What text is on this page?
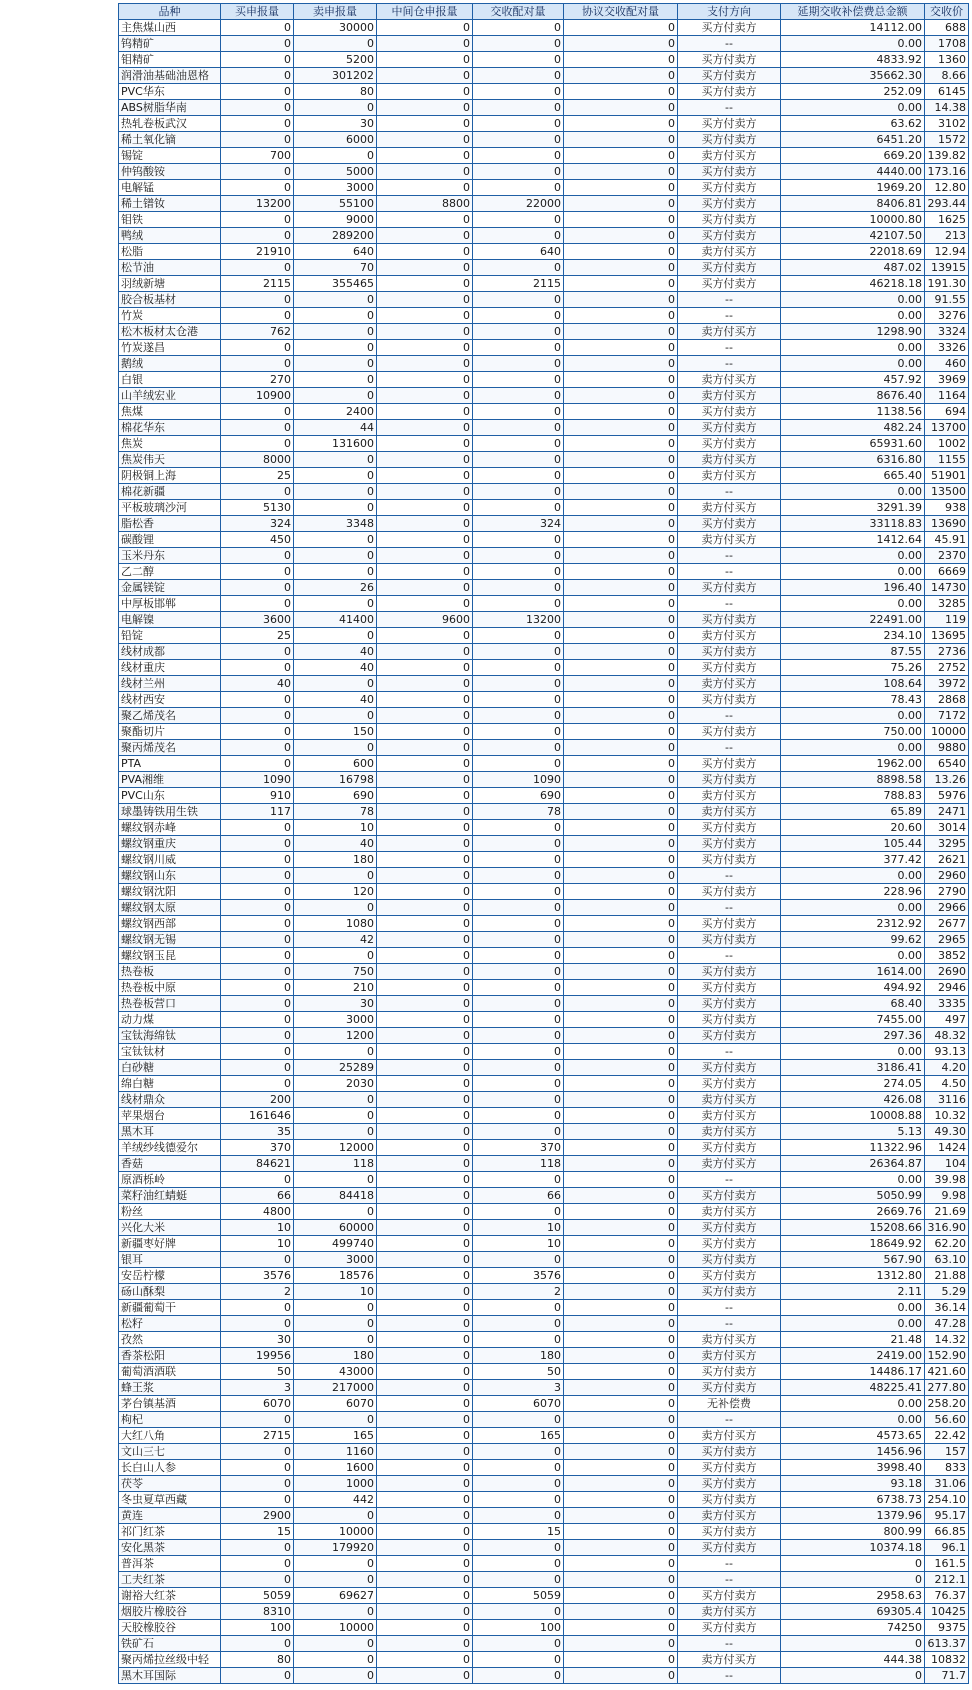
品种	买申报量	卖申报量	中间仓申报量	交收配对量	协议交收配对量	支付方向	延期交收补偿费总金额	交收价
主焦煤山西	0	30000	0	0	0	买方付卖方	14112.00	688
钨精矿	0	0	0	0	0	--	0.00	1708
钼精矿	0	5200	0	0	0	买方付卖方	4833.92	1360
润滑油基础油恩格	0	301202	0	0	0	买方付卖方	35662.30	8.66
PVC华东	0	80	0	0	0	买方付卖方	252.09	6145
ABS树脂华南	0	0	0	0	0	--	0.00	14.38
热轧卷板武汉	0	30	0	0	0	买方付卖方	63.62	3102
稀土氧化镝	0	6000	0	0	0	买方付卖方	6451.20	1572
锡锭	700	0	0	0	0	卖方付买方	669.20	139.82
仲钨酸铵	0	5000	0	0	0	买方付卖方	4440.00	173.16
电解锰	0	3000	0	0	0	买方付卖方	1969.20	12.80
稀土镨钕	13200	55100	8800	22000	0	买方付卖方	8406.81	293.44
钼铁	0	9000	0	0	0	买方付卖方	10000.80	1625
鸭绒	0	289200	0	0	0	买方付卖方	42107.50	213
松脂	21910	640	0	640	0	卖方付买方	22018.69	12.94
松节油	0	70	0	0	0	买方付卖方	487.02	13915
羽绒新塘	2115	355465	0	2115	0	买方付卖方	46218.18	191.30
胶合板基材	0	0	0	0	0	--	0.00	91.55
竹炭	0	0	0	0	0	--	0.00	3276
松木板材太仓港	762	0	0	0	0	卖方付买方	1298.90	3324
竹炭遂昌	0	0	0	0	0	--	0.00	3326
鹅绒	0	0	0	0	0	--	0.00	460
白银	270	0	0	0	0	卖方付买方	457.92	3969
山羊绒宏业	10900	0	0	0	0	卖方付买方	8676.40	1164
焦煤	0	2400	0	0	0	买方付卖方	1138.56	694
棉花华东	0	44	0	0	0	买方付卖方	482.24	13700
焦炭	0	131600	0	0	0	买方付卖方	65931.60	1002
焦炭伟天	8000	0	0	0	0	卖方付买方	6316.80	1155
阴极铜上海	25	0	0	0	0	卖方付买方	665.40	51901
棉花新疆	0	0	0	0	0	--	0.00	13500
平板玻璃沙河	5130	0	0	0	0	卖方付买方	3291.39	938
脂松香	324	3348	0	324	0	买方付卖方	33118.83	13690
碳酸锂	450	0	0	0	0	卖方付买方	1412.64	45.91
玉米丹东	0	0	0	0	0	--	0.00	2370
乙二醇	0	0	0	0	0	--	0.00	6669
金属镁锭	0	26	0	0	0	买方付卖方	196.40	14730
中厚板邯郸	0	0	0	0	0	--	0.00	3285
电解镍	3600	41400	9600	13200	0	买方付卖方	22491.00	119
铅锭	25	0	0	0	0	卖方付买方	234.10	13695
线材成都	0	40	0	0	0	买方付卖方	87.55	2736
线材重庆	0	40	0	0	0	买方付卖方	75.26	2752
线材兰州	40	0	0	0	0	卖方付买方	108.64	3972
线材西安	0	40	0	0	0	买方付卖方	78.43	2868
聚乙烯茂名	0	0	0	0	0	--	0.00	7172
聚酯切片	0	150	0	0	0	买方付卖方	750.00	10000
聚丙烯茂名	0	0	0	0	0	--	0.00	9880
PTA	0	600	0	0	0	买方付卖方	1962.00	6540
PVA湘维	1090	16798	0	1090	0	买方付卖方	8898.58	13.26
PVC山东	910	690	0	690	0	卖方付买方	788.83	5976
球墨铸铁用生铁	117	78	0	78	0	卖方付买方	65.89	2471
螺纹钢赤峰	0	10	0	0	0	买方付卖方	20.60	3014
螺纹钢重庆	0	40	0	0	0	买方付卖方	105.44	3295
螺纹钢川威	0	180	0	0	0	买方付卖方	377.42	2621
螺纹钢山东	0	0	0	0	0	--	0.00	2960
螺纹钢沈阳	0	120	0	0	0	买方付卖方	228.96	2790
螺纹钢太原	0	0	0	0	0	--	0.00	2966
螺纹钢西部	0	1080	0	0	0	买方付卖方	2312.92	2677
螺纹钢无锡	0	42	0	0	0	买方付卖方	99.62	2965
螺纹钢玉昆	0	0	0	0	0	--	0.00	3852
热卷板	0	750	0	0	0	买方付卖方	1614.00	2690
热卷板中原	0	210	0	0	0	买方付卖方	494.92	2946
热卷板营口	0	30	0	0	0	买方付卖方	68.40	3335
动力煤	0	3000	0	0	0	买方付卖方	7455.00	497
宝钛海绵钛	0	1200	0	0	0	买方付卖方	297.36	48.32
宝钛钛材	0	0	0	0	0	--	0.00	93.13
白砂糖	0	25289	0	0	0	买方付卖方	3186.41	4.20
绵白糖	0	2030	0	0	0	买方付卖方	274.05	4.50
线材鼎众	200	0	0	0	0	卖方付买方	426.08	3116
苹果烟台	161646	0	0	0	0	卖方付买方	10008.88	10.32
黑木耳	35	0	0	0	0	卖方付买方	5.13	49.30
羊绒纱线德爱尔	370	12000	0	370	0	买方付卖方	11322.96	1424
香菇	84621	118	0	118	0	卖方付买方	26364.87	104
原酒栎岭	0	0	0	0	0	--	0.00	39.98
菜籽油红蜻蜓	66	84418	0	66	0	买方付卖方	5050.99	9.98
粉丝	4800	0	0	0	0	卖方付买方	2669.76	21.69
兴化大米	10	60000	0	10	0	买方付卖方	15208.66	316.90
新疆枣好牌	10	499740	0	10	0	买方付卖方	18649.92	62.20
银耳	0	3000	0	0	0	买方付卖方	567.90	63.10
安岳柠檬	3576	18576	0	3576	0	买方付卖方	1312.80	21.88
砀山酥梨	2	10	0	2	0	买方付卖方	2.11	5.29
新疆葡萄干	0	0	0	0	0	--	0.00	36.14
松籽	0	0	0	0	0	--	0.00	47.28
孜然	30	0	0	0	0	卖方付买方	21.48	14.32
香茶松阳	19956	180	0	180	0	卖方付买方	2419.00	152.90
葡萄酒酒联	50	43000	0	50	0	买方付卖方	14486.17	421.60
蜂王浆	3	217000	0	3	0	买方付卖方	48225.41	277.80
茅台镇基酒	6070	6070	0	6070	0	无补偿费	0.00	258.20
枸杞	0	0	0	0	0	--	0.00	56.60
大红八角	2715	165	0	165	0	卖方付买方	4573.65	22.42
文山三七	0	1160	0	0	0	买方付卖方	1456.96	157
长白山人参	0	1600	0	0	0	买方付卖方	3998.40	833
茯苓	0	1000	0	0	0	买方付卖方	93.18	31.06
冬虫夏草西藏	0	442	0	0	0	买方付卖方	6738.73	254.10
黄连	2900	0	0	0	0	卖方付买方	1379.96	95.17
祁门红茶	15	10000	0	15	0	买方付卖方	800.99	66.85
安化黑茶	0	179920	0	0	0	买方付卖方	10374.18	96.1
普洱茶	0	0	0	0	0	--	0	161.5
工夫红茶	0	0	0	0	0	--	0	212.1
谢裕大红茶	5059	69627	0	5059	0	买方付卖方	2958.63	76.37
烟胶片橡胶谷	8310	0	0	0	0	卖方付买方	69305.4	10425
天胶橡胶谷	100	10000	0	100	0	买方付卖方	74250	9375
铁矿石	0	0	0	0	0	--	0	613.37
聚丙烯拉丝级中轻	80	0	0	0	0	卖方付买方	444.38	10832
黑木耳国际	0	0	0	0	0	--	0	71.7
